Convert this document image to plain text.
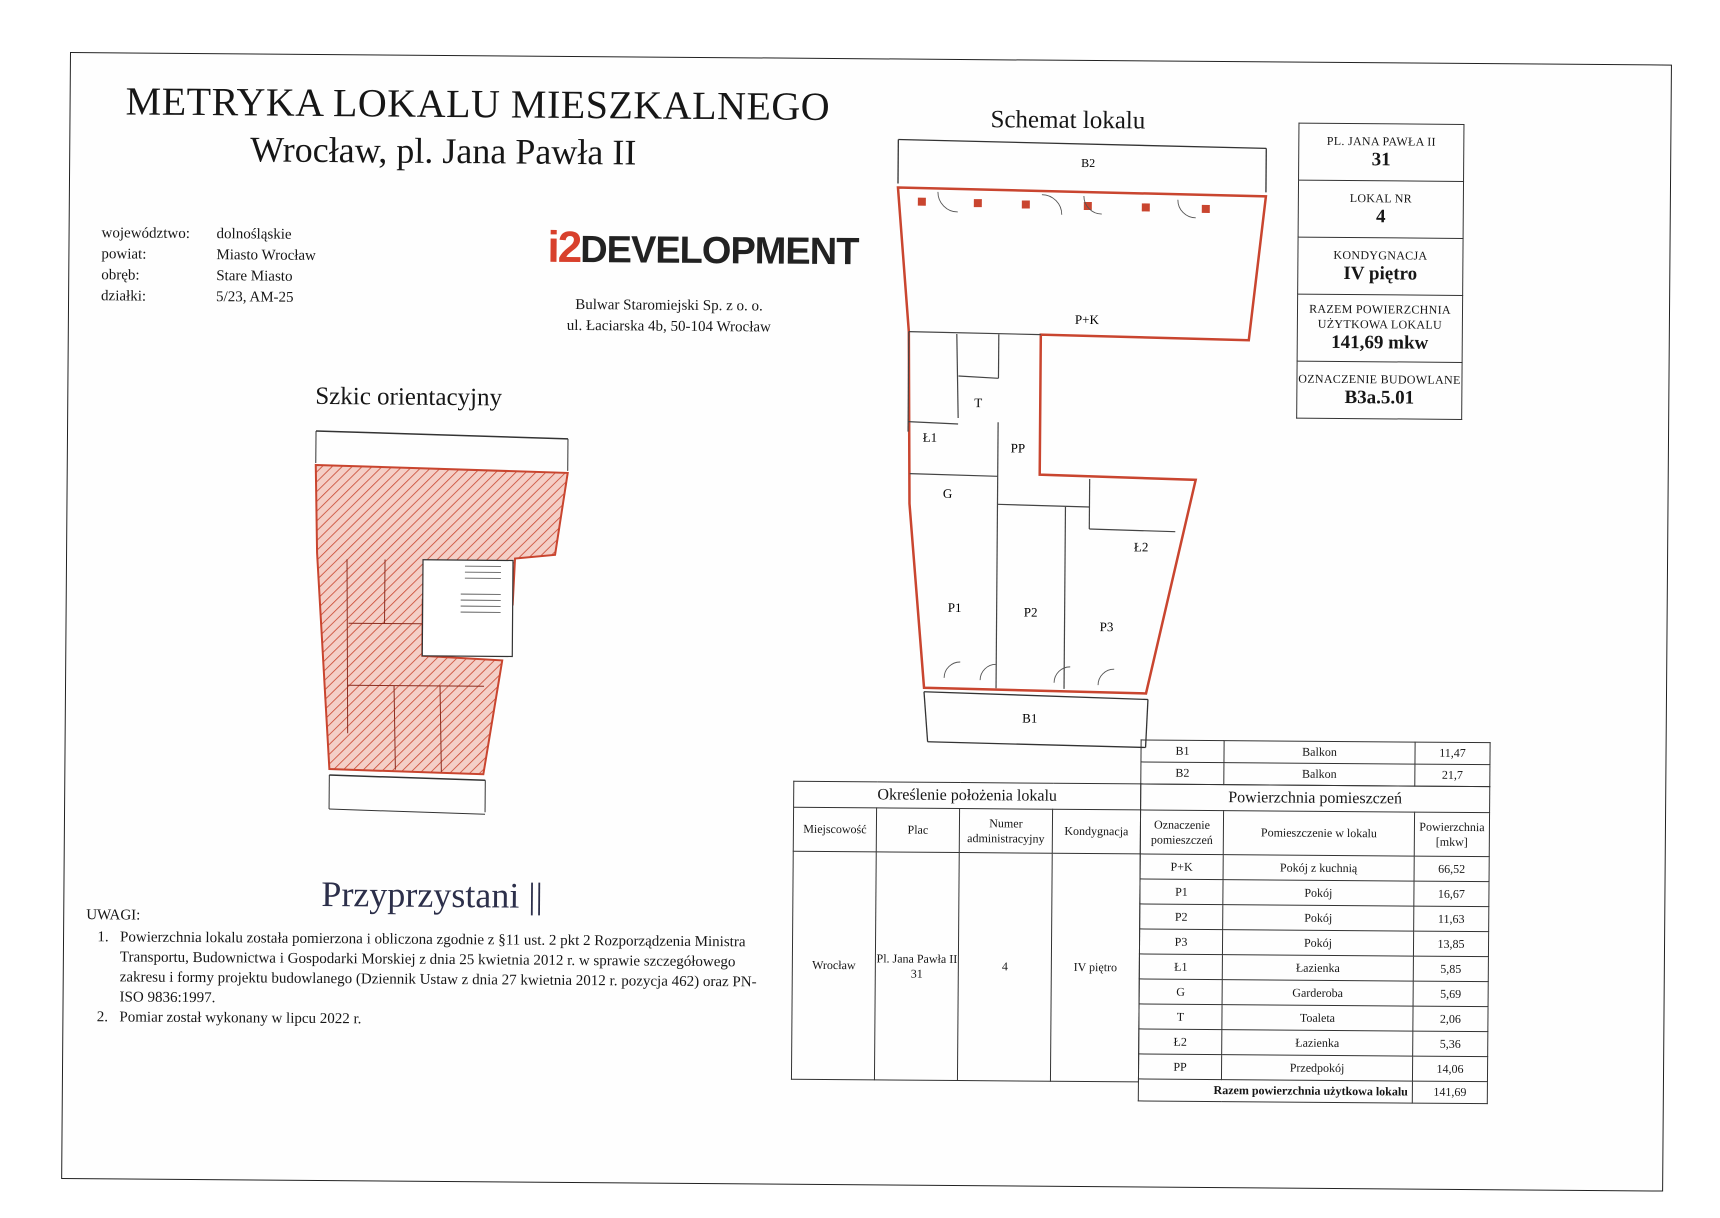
METRYKA LOKALU MIESZKALNEGO
Wrocław, pl. Jana Pawła II
województwo:	dolnośląskie
powiat:	Miasto Wrocław
obręb:	Stare Miasto
działki:	5/23, AM-25
i2DEVELOPMENT
Bulwar Staromiejski Sp. z o. o.
ul. Łaciarska 4b, 50-104 Wrocław
Szkic orientacyjny
Przyprzystani ||
Schemat lokalu
B2
P+K
Ł1
T
PP
G
Ł2
P1	P2
P3
B1
PL. JANA PAWŁA II
31

LOKAL NR
4

KONDYGNACJA
IV piętro

RAZEM POWIERZCHNIA UŻYTKOWA LOKALU
141,69 mkw

OZNACZENIE BUDOWLANE
B3a.5.01
B1	Balkon	11,47
B2	Balkon	21,7
Określenie położenia lokalu			
Miejscowość	Plac	Numer administracyjny	Kondygnacja
Wrocław	Pl. Jana Pawła II 31	4	IV piętro
Powierzchnia pomieszczeń		
Oznaczenie pomieszczeń	Pomieszczenie w lokalu	Powierzchnia [mkw]
P+K	Pokój z kuchnią	66,52
P1	Pokój	16,67
P2	Pokój	11,63
P3	Pokój	13,85
Ł1	Łazienka	5,85
G	Garderoba	5,69
T	Toaleta	2,06
Ł2	Łazienka	5,36
PP	Przedpokój	14,06
Razem powierzchnia użytkowa lokalu		141,69
UWAGI:
1. Powierzchnia lokalu została pomierzona i obliczona zgodnie z §11 ust. 2 pkt 2 Rozporządzenia Ministra Transportu, Budownictwa i Gospodarki Morskiej z dnia 25 kwietnia 2012 r. w sprawie szczegółowego zakresu i formy projektu budowlanego (Dziennik Ustaw z dnia 27 kwietnia 2012 r. pozycja 462) oraz PN-ISO 9836:1997.
2. Pomiar został wykonany w lipcu 2022 r.
